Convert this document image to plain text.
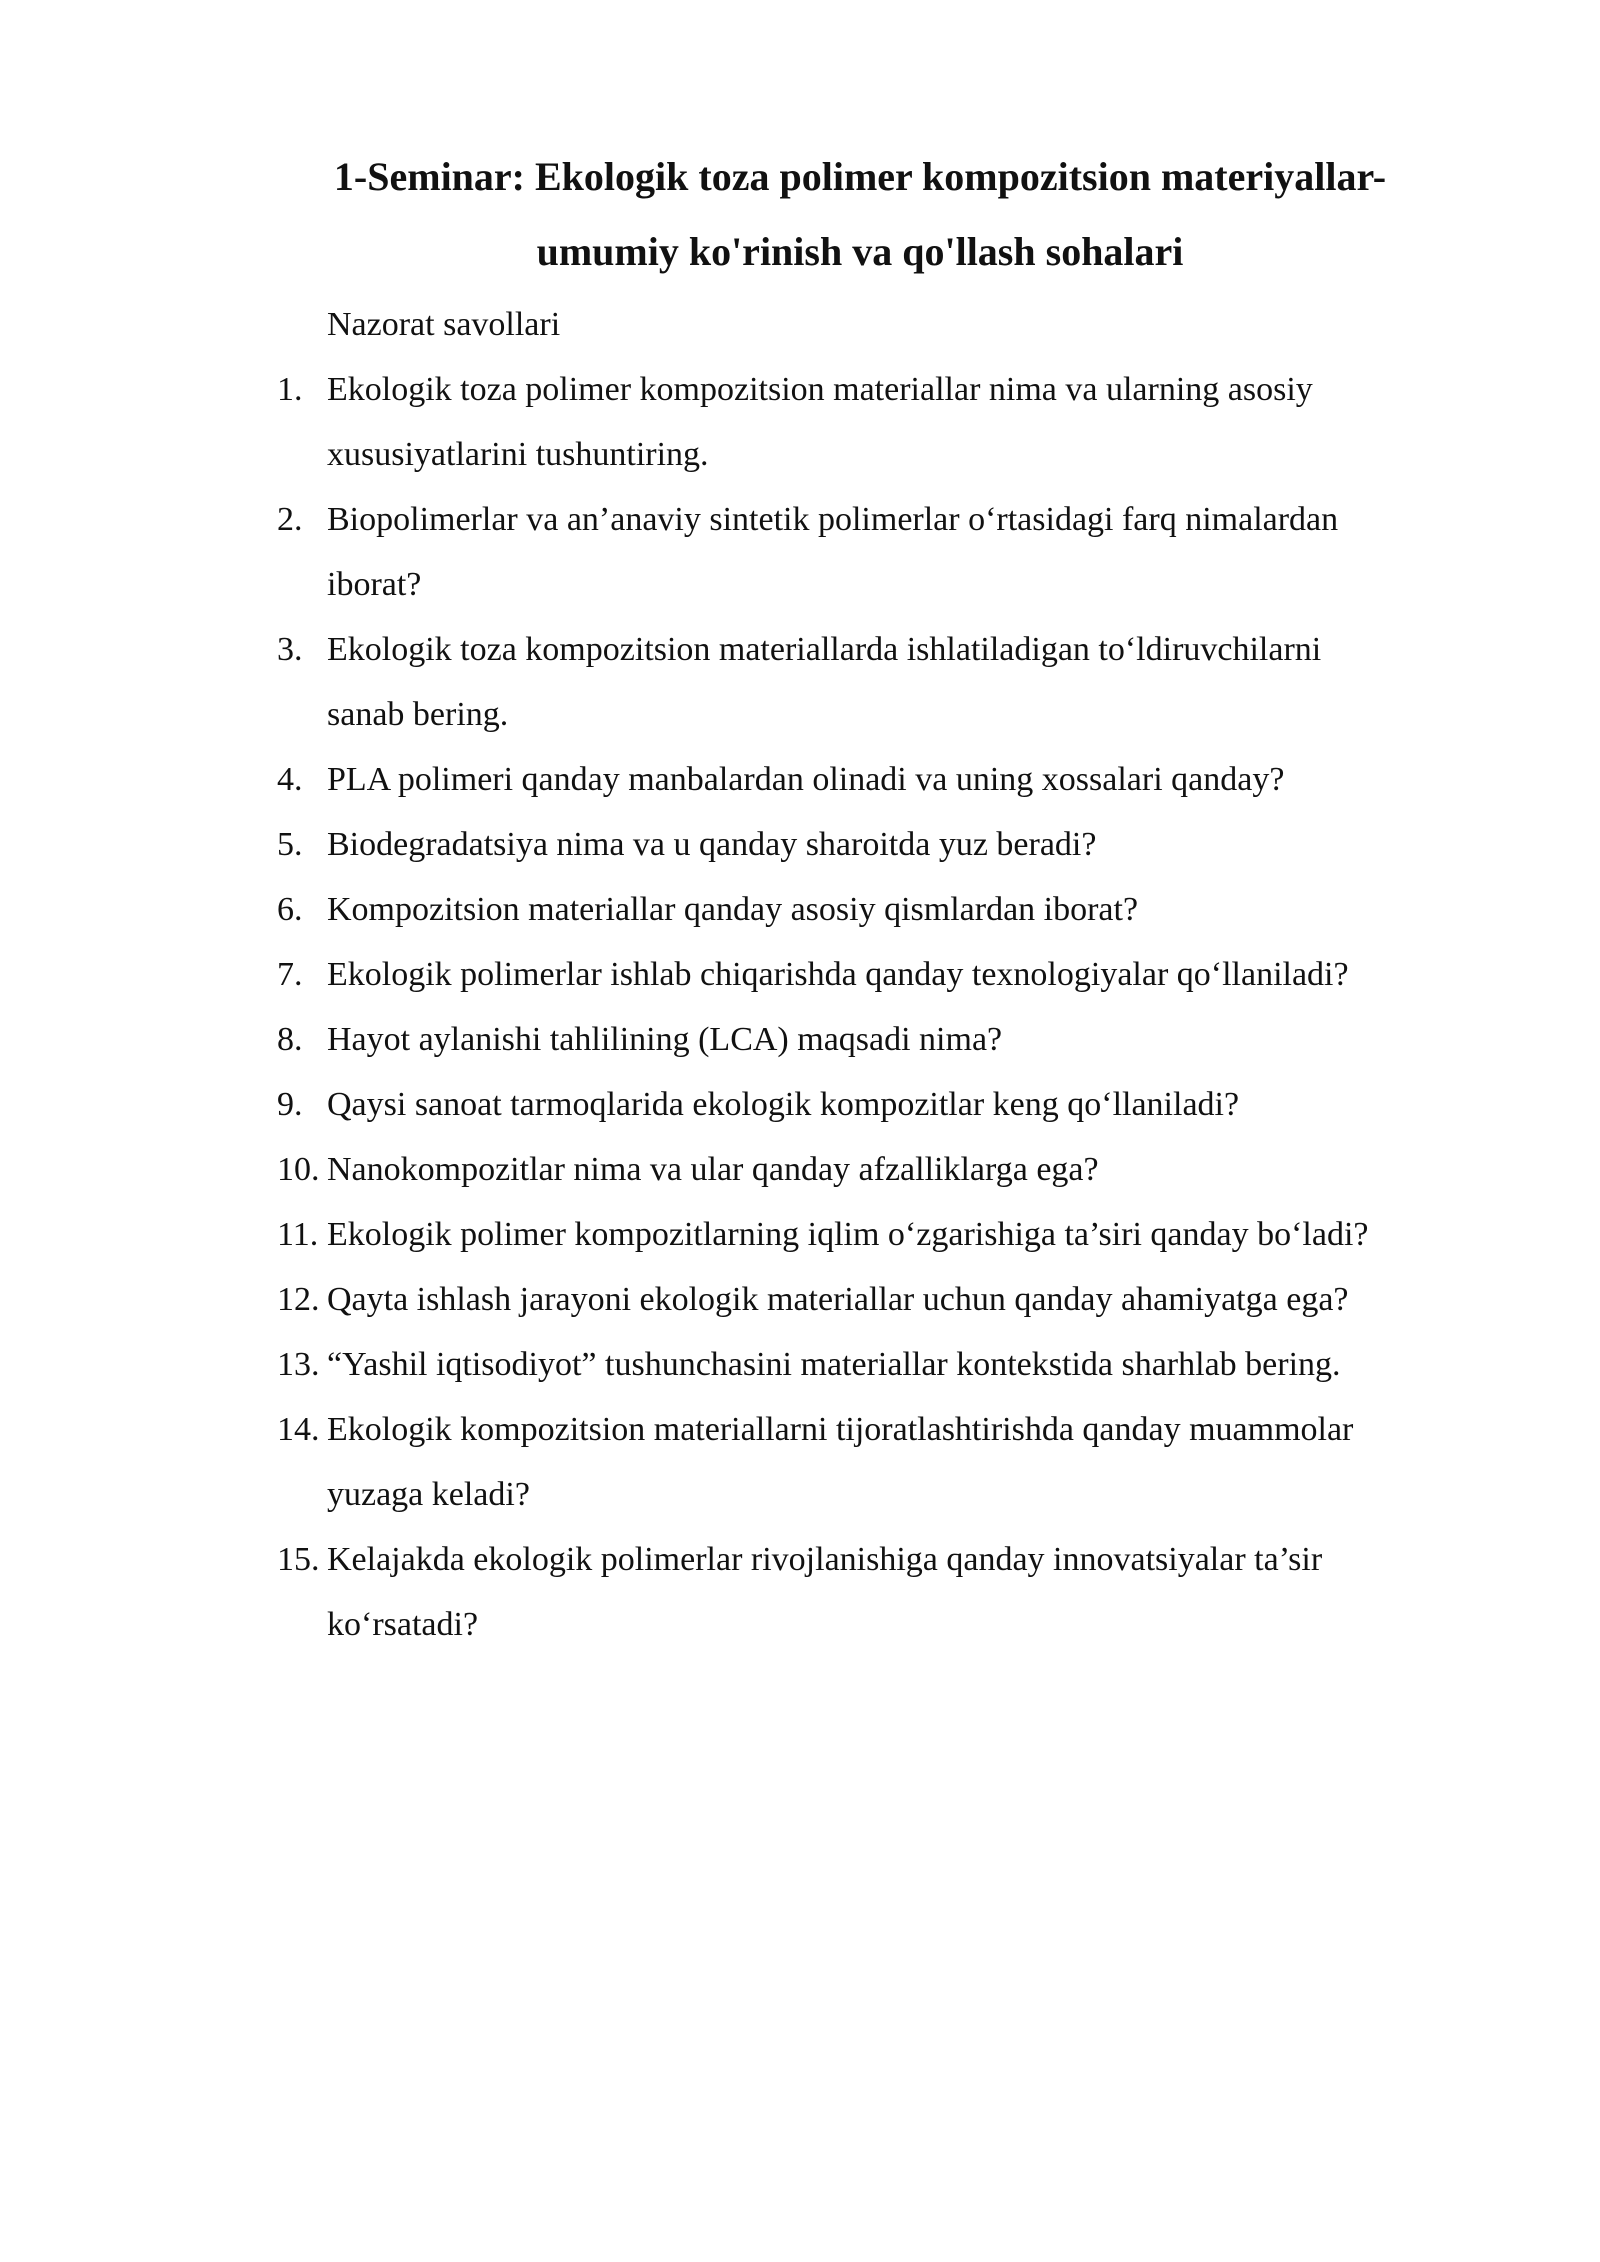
1-Seminar: Ekologik toza polimer kompozitsion materiyallar-
umumiy ko'rinish va qo'llash sohalari
Nazorat savollari
1. Ekologik toza polimer kompozitsion materiallar nima va ularning asosiy
xususiyatlarini tushuntiring.
2. Biopolimerlar va an’anaviy sintetik polimerlar o‘rtasidagi farq nimalardan
iborat?
3. Ekologik toza kompozitsion materiallarda ishlatiladigan to‘ldiruvchilarni
sanab bering.
4. PLA polimeri qanday manbalardan olinadi va uning xossalari qanday?
5. Biodegradatsiya nima va u qanday sharoitda yuz beradi?
6. Kompozitsion materiallar qanday asosiy qismlardan iborat?
7. Ekologik polimerlar ishlab chiqarishda qanday texnologiyalar qo‘llaniladi?
8. Hayot aylanishi tahlilining (LCA) maqsadi nima?
9. Qaysi sanoat tarmoqlarida ekologik kompozitlar keng qo‘llaniladi?
10. Nanokompozitlar nima va ular qanday afzalliklarga ega?
11. Ekologik polimer kompozitlarning iqlim o‘zgarishiga ta’siri qanday bo‘ladi?
12. Qayta ishlash jarayoni ekologik materiallar uchun qanday ahamiyatga ega?
13. “Yashil iqtisodiyot” tushunchasini materiallar kontekstida sharhlab bering.
14. Ekologik kompozitsion materiallarni tijoratlashtirishda qanday muammolar
yuzaga keladi?
15. Kelajakda ekologik polimerlar rivojlanishiga qanday innovatsiyalar ta’sir
ko‘rsatadi?
